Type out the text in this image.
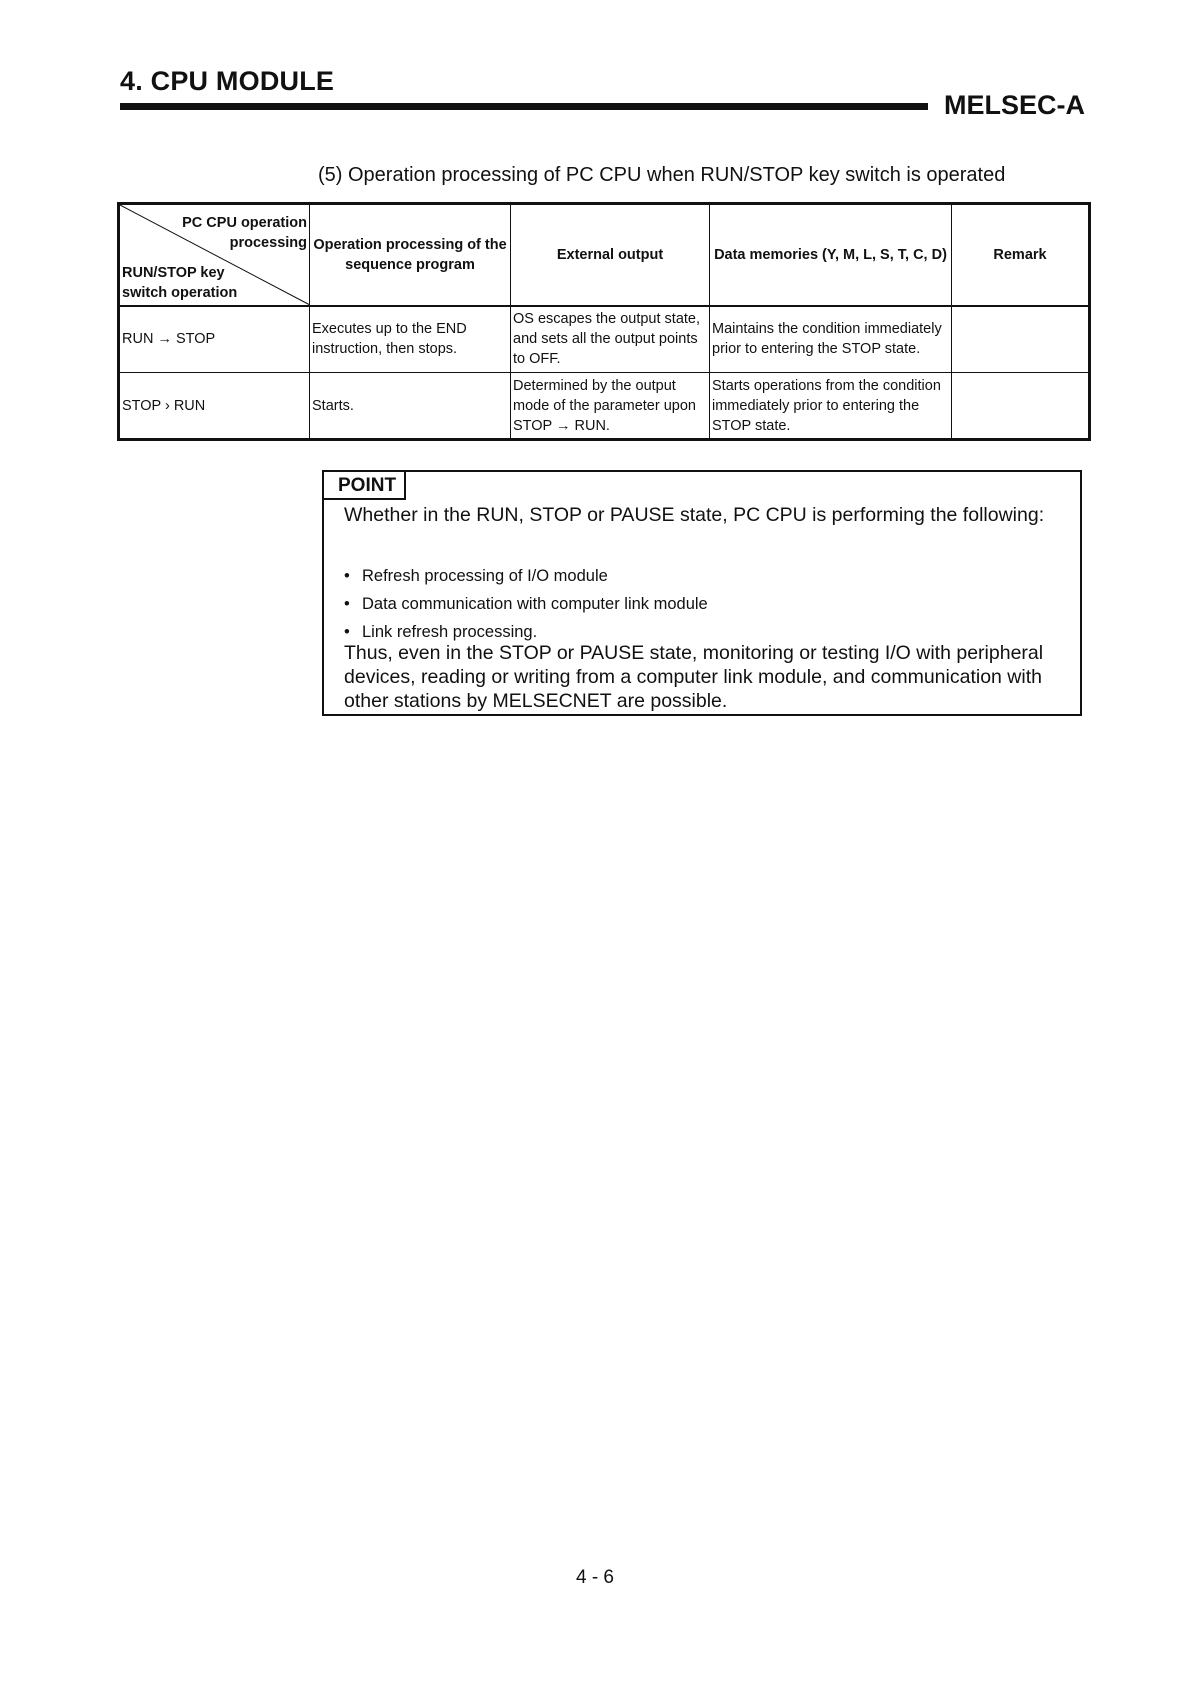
4. CPU MODULE
MELSEC-A
(5) Operation processing of PC CPU when RUN/STOP key switch is operated
PC CPU operation
processing
RUN/STOP key
switch operation	Operation processing of the sequence program	External output	Data memories (Y, M, L, S, T, C, D)	Remark
RUN → STOP	Executes up to the END instruction, then stops.	OS escapes the output state, and sets all the output points to OFF.	Maintains the condition immediately prior to entering the STOP state.	
STOP › RUN	Starts.	Determined by the output mode of the parameter upon STOP → RUN.	Starts operations from the condition immediately prior to entering the STOP state.	
POINT
Whether in the RUN, STOP or PAUSE state, PC CPU is performing the following:
• Refresh processing of I/O module
• Data communication with computer link module
• Link refresh processing.
Thus, even in the STOP or PAUSE state, monitoring or testing I/O with peripheral devices, reading or writing from a computer link module, and communication with other stations by MELSECNET are possible.
4 - 6
